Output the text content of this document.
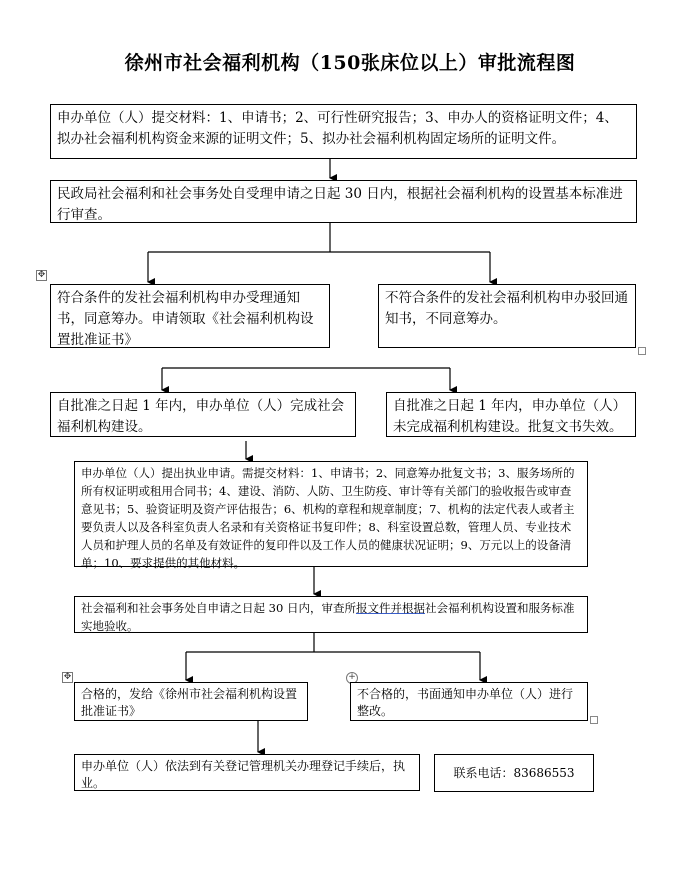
徐州市社会福利机构（150张床位以上）审批流程图
申办单位（人）提交材料：1、申请书；2、可行性研究报告；3、申办人的资格证明文件；4、拟办社会福利机构资金来源的证明文件；5、拟办社会福利机构固定场所的证明文件。
民政局社会福利和社会事务处自受理申请之日起 30 日内，根据社会福利机构的设置基本标准进行审查。
✥
符合条件的发社会福利机构申办受理通知书，同意筹办。申请领取《社会福利机构设置批准证书》
不符合条件的发社会福利机构申办驳回通知书，不同意筹办。
自批准之日起 1 年内，申办单位（人）完成社会福利机构建设。
自批准之日起 1 年内，申办单位（人）未完成福利机构建设。批复文书失效。
申办单位（人）提出执业申请。需提交材料：1、申请书；2、同意筹办批复文书；3、服务场所的所有权证明或租用合同书；4、建设、消防、人防、卫生防疫、审计等有关部门的验收报告或审查意见书；5、验资证明及资产评估报告；6、机构的章程和规章制度；7、机构的法定代表人或者主要负责人以及各科室负责人名录和有关资格证书复印件；8、科室设置总数，管理人员、专业技术人员和护理人员的名单及有效证件的复印件以及工作人员的健康状况证明；9、万元以上的设备清单；10、要求提供的其他材料。
社会福利和社会事务处自申请之日起 30 日内，审查所报文件并根据社会福利机构设置和服务标准实地验收。
✥
合格的，发给《徐州市社会福利机构设置批准证书》
+
不合格的，书面通知申办单位（人）进行整改。
申办单位（人）依法到有关登记管理机关办理登记手续后，执业。
联系电话：83686553
